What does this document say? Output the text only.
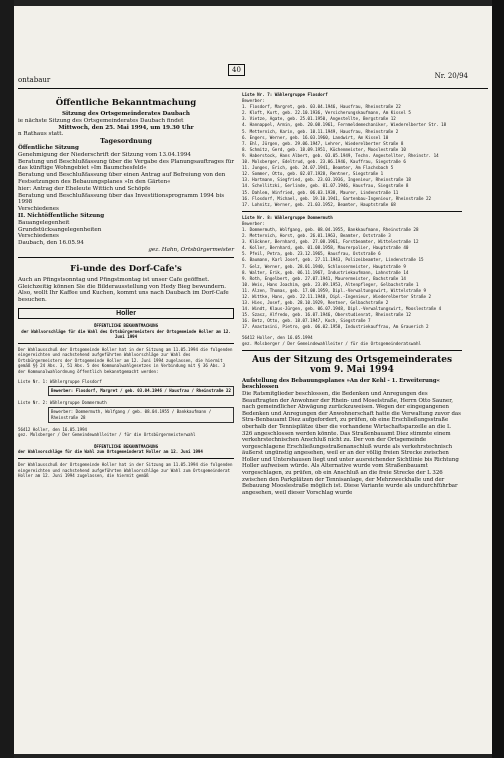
ontabaur
40
Nr. 20/94
Öffentliche Bekanntmachung

Sitzung des Ortsgemeinderates Daubach

ie nächste Sitzung des Ortsgemeinderates Daubach findet

Mittwoch, den 25. Mai 1994, um 19.30 Uhr

n Rathaus statt.

Tagesordnung

Öffentliche Sitzung

Genehmigung der Niederschrift der Sitzung vom 13.04.1994

Beratung und Beschlußfassung über die Vergabe des Planungsauftrages für das künftige Wohngebiet »Im Baumchesfeld«

Beratung und Beschlußfassung über einen Antrag auf Befreiung von den Festsetzungen des Bebauungsplanes »In den Gärten«

hier: Antrag der Eheleute Wittich und Schöpfe

Beratung und Beschlußfassung über das Investitionsprogramm 1994 bis 1998

Verschiedenes

II. Nichtöffentliche Sitzung

Bauangelegenheit

Grundstücksangelegenheiten

Verschiedenes

Daubach, den 16.05.94

gez. Hahn, Ortsbürgermeister

Fi-unde des Dorf-Cafe's

Auch an Pfingstsonntag und Pfingstmontag ist unser Cafe geöffnet. Gleichzeitig können Sie die Bilderausstellung von Hedy Bieg bewundern. Also, wollt Ihr Kaffee und Kuchen, kommt uns nach Daubach im Dorf-Cafe besuchen.

Holler
ÖFFENTLICHE BEKANNTMACHUNG
der Wahlvorschläge für die Wahl des Ortsbürgermeisters der Ortsgemeinde Holler am 12. Juni 1994
Der Wahlausschuß der Ortsgemeinde Holler hat in der Sitzung am 11.05.1994 die folgenden eingereichten und nachstehend aufgeführten Wahlvorschläge zur Wahl des Ortsbürgermeisters der Ortsgemeinde Holler am 12. Juni 1994 zugelassen, die hiermit gemäß §§ 24 Abs. 3, 51 Abs. 5 des Kommunalwahlgesetzes in Verbindung mit § 36 Abs. 3 der Kommunalwahlordnung öffentlich bekanntgemacht werden:
Liste Nr. 1: Wählergruppe Flosdorf
Bewerber: Flosdorf, Margret / geb. 03.04.1946 / Hausfrau / Rheinstraße 22
Liste Nr. 2: Wählergruppe Dommermuth
Bewerber: Dommermuth, Wolfgang / geb. 08.04.1955 / Bankkaufmann / Rheinstraße 28
56412 Holler, den 16.05.1994
gez. Molsberger / Der Gemeindewahlleiter / für die Ortsbürgermeisterwahl
ÖFFENTLICHE BEKANNTMACHUNG
der Wahlvorschläge für die Wahl zum Ortsgemeinderat Holler am 12. Juni 1994
Der Wahlausschuß der Ortsgemeinde Holler hat in der Sitzung am 11.05.1994 die folgenden eingereichten und nachstehend aufgeführten Wahlvorschläge zur Wahl zum Ortsgemeinderat Holler am 12. Juni 1994 zugelassen, die hiermit gemäß
Liste Nr. 7: Wählergruppe Flosdorf
Bewerber:
1. Flosdorf, Margret, geb. 03.04.1946, Hausfrau, Rheinstraße 22
2. Kloft, Kurt, geb. 22.10.1936, Versicherungskaufmann, Am Kissel 5
3. Vietze, Agate, geb. 25.01.1950, Angestellte, Bergstraße 12
4. Hannappel, Armin, geb. 20.08.1961, Fernmeldemechaniker, Wiederelberter Str. 18
5. Metternich, Karin, geb. 10.11.1949, Hausfrau, Rheinstraße 2
6. Engers, Werner, geb. 16.03.1960, Landwirt, Am Kissel 10
7. Ehl, Jürgen, geb. 29.06.1947, Lehrer, Wiederelberter Straße 8
8. Schmitz, Gerd, geb. 18.09.1951, Küchenmeister, Mooslestraße 10
9. Haberstock, Hans Albert, geb. 03.05.1949, Techn. Angestellter, Rheinstr. 14
10. Molsberger, Edeltrud, geb. 23.06.1946, Kauffrau, Siegstraße 6
11. Junges, Erich, geb. 24.07.1941, Beamter, Am Flachsbach 5
12. Sommer, Otto, geb. 02.07.1928, Rentner, Siegstraße 1
13. Hartmann, Siegfried, geb. 23.03.1936, Ingenieur, Rheinstraße 18
14. Schellitzki, Gerlinde, geb. 01.07.1946, Hausfrau, Siegstraße 8
15. Dahlem, Winfried, geb. 06.03.1938, Maurer, Lindenstraße 11
16. Flosdorf, Michael, geb. 19.10.1941, Gartenbau-Ingenieur, Rheinstraße 22
17. Lohnitz, Werner, geb. 21.03.1952, Beamter, Hauptstraße 68
Liste Nr. 8: Wählergruppe Dommermuth
Bewerber:
1. Dommermuth, Wolfgang, geb. 08.04.1955, Bankkaufmann, Rheinstraße 28
2. Metternich, Horst, geb. 26.01.1963, Beamter, Oststraße 3
3. Klöckner, Bernhard, geb. 27.08.1961, Forstbeamter, Wittelestraße 12
4. Koller, Bernhard, geb. 01.08.1958, Maurerpolier, Hauptstraße 40
5. Pfeil, Petra, geb. 23.12.1965, Hausfrau, Oststraße 6
6. Baumann, Karl Josef, geb. 27.11.1943, Polizeibeamter, Lindenstraße 15
7. Gelz, Werner, geb. 28.01.1940, Schlossermeister, Hauptstraße 9
8. Walter, Erik, geb. 06.11.1967, Industriekaufmann, Lahnstraße 14
9. Roth, Engelbert, geb. 27.07.1941, Maurermeister, Bachstraße 14
10. Weis, Hans Joachim, geb. 23.09.1953, Altenpfleger, Gelbachstraße 1
11. Alzen, Thomas, geb. 17.08.1959, Dipl.-Verwaltungswirt, Wittelstraße 9
12. Wittke, Hans, geb. 22.11.1948, Dipl.-Ingenieur, Wiederelberter Straße 2
13. Hies, Josef, geb. 28.10.1929, Rentner, Gelbachstraße 2
14. Windt, Klaus-Jürgen, geb. 06.07.1948, Dipl.-Verwaltungswirt, Mooslestraße 4
15. Szasz, Alfredo, geb. 16.07.1946, Oberstudienrat, Rheinstraße 12
16. Betz, Otto, geb. 18.07.1947, Koch, Siegstraße 7
17. Anastasini, Pietro, geb. 06.02.1958, Industriekauffrau, Am Grauerich 2
56412 Holler, den 16.05.1994
gez. Molsberger / Der Gemeindewahlleiter / für die Ortsgemeinderatswahl
Aus der Sitzung des Ortsgemeinderates vom 9. Mai 1994
Aufstellung des Bebauungsplanes »An der Kehl - 1. Erweiterung« beschlossen
Die Ratsmitglieder beschlossen, die Bedenken und Anregungen des Beauftragten der Anwohner der Rhein- und Moselstraße, Herrn Otto Sauner, nach gemeindlicher Abwägung zurückzuweisen. Wegen der eingegangenen Bedenken und Anregungen der Anwohnerschaft hatte die Verwaltung zuvor das Stra-Benbauamt Diez aufgefordert, zu prüfen, ob eine Erschließungsstraße oberhalb der Tennisplätze über die vorhandene Wirtschaftsparzelle an die L 326 angeschlossen werden könnte. Das Straßenbauamt Diez stimmte einem verkehrstechnischen Anschluß nicht zu. Der von der Ortsgemeinde vorgeschlagene Erschließungsstraßenanschluß wurde als verkehrstechnisch äußerst ungünstig angesehen, weil er an der völlig freien Strecke zwischen Holler und Untershausen liegt und unter ausreichender Sichtlinie bis Richtung Holler aufweisen würde. Als Alternative wurde vom Straßenbauamt vorgeschlagen, zu prüfen, ob ein Anschluß an die freie Strecke der L 326 zwischen den Parkplätzen der Tennisanlage, der Mehrzweckhalle und der Bebauung Mooslestraße möglich ist. Diese Variante wurde als undurchführbar angesehen, weil dieser Vorschlag wurde
